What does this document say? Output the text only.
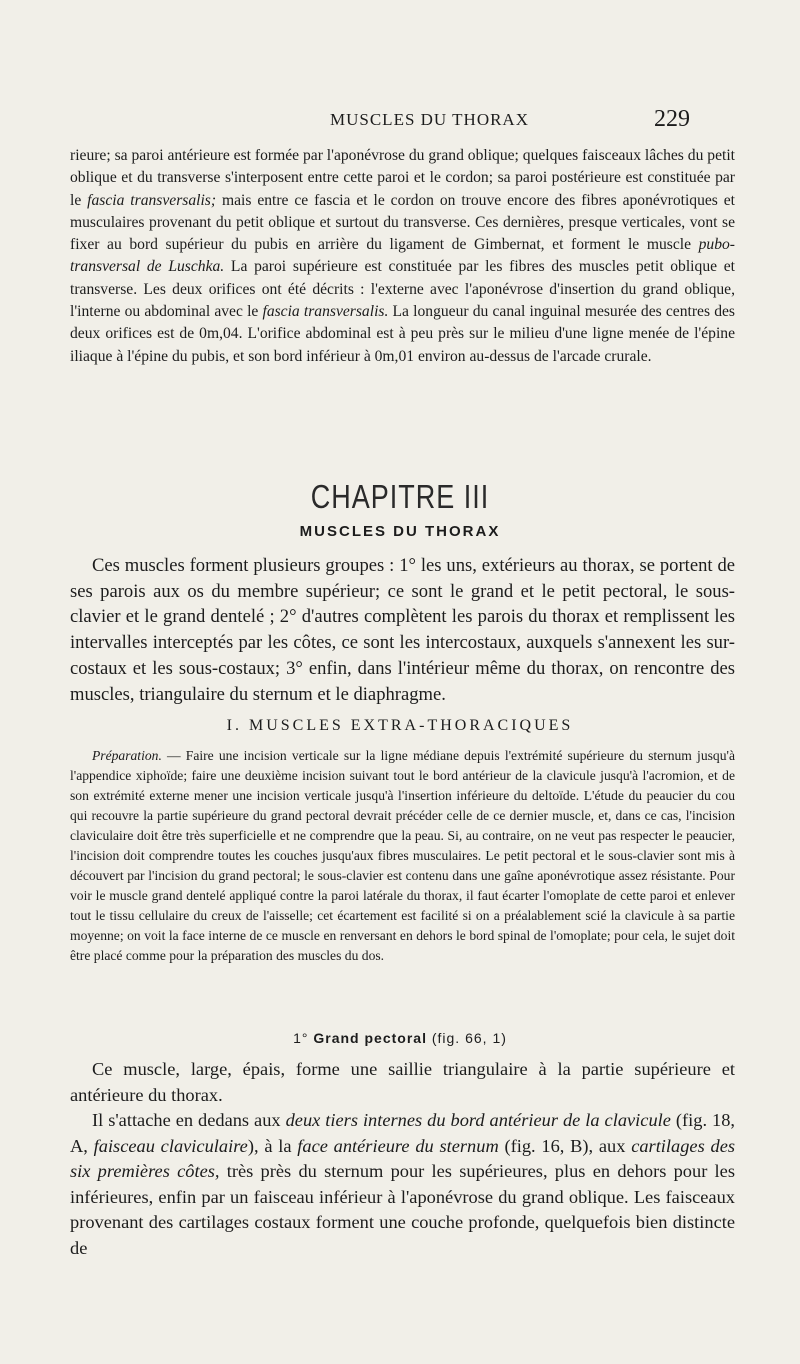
MUSCLES DU THORAX	229

rieure; sa paroi antérieure est formée par l'aponévrose du grand oblique; quelques faisceaux lâches du petit oblique et du transverse s'interposent entre cette paroi et le cordon; sa paroi postérieure est constituée par le fascia transversalis; mais entre ce fascia et le cordon on trouve encore des fibres aponévrotiques et musculaires provenant du petit oblique et surtout du transverse. Ces dernières, presque verticales, vont se fixer au bord supérieur du pubis en arrière du ligament de Gimbernat, et forment le muscle pubo-transversal de Luschka. La paroi supérieure est constituée par les fibres des muscles petit oblique et transverse. Les deux orifices ont été décrits : l'externe avec l'aponévrose d'insertion du grand oblique, l'interne ou abdominal avec le fascia transversalis. La longueur du canal inguinal mesurée des centres des deux orifices est de 0m,04. L'orifice abdominal est à peu près sur le milieu d'une ligne menée de l'épine iliaque à l'épine du pubis, et son bord inférieur à 0m,01 environ au-dessus de l'arcade crurale.

CHAPITRE III
MUSCLES DU THORAX

Ces muscles forment plusieurs groupes : 1° les uns, extérieurs au thorax, se portent de ses parois aux os du membre supérieur; ce sont le grand et le petit pectoral, le sous-clavier et le grand dentelé ; 2° d'autres complètent les parois du thorax et remplissent les intervalles interceptés par les côtes, ce sont les intercostaux, auxquels s'annexent les sur-costaux et les sous-costaux; 3° enfin, dans l'intérieur même du thorax, on rencontre des muscles, triangulaire du sternum et le diaphragme.

I. MUSCLES EXTRA-THORACIQUES

Préparation. — Faire une incision verticale sur la ligne médiane depuis l'extrémité supérieure du sternum jusqu'à l'appendice xiphoïde; faire une deuxième incision suivant tout le bord antérieur de la clavicule jusqu'à l'acromion, et de son extrémité externe mener une incision verticale jusqu'à l'insertion inférieure du deltoïde. L'étude du peaucier du cou qui recouvre la partie supérieure du grand pectoral devrait précéder celle de ce dernier muscle, et, dans ce cas, l'incision claviculaire doit être très superficielle et ne comprendre que la peau. Si, au contraire, on ne veut pas respecter le peaucier, l'incision doit comprendre toutes les couches jusqu'aux fibres musculaires. Le petit pectoral et le sous-clavier sont mis à découvert par l'incision du grand pectoral; le sous-clavier est contenu dans une gaîne aponévrotique assez résistante. Pour voir le muscle grand dentelé appliqué contre la paroi latérale du thorax, il faut écarter l'omoplate de cette paroi et enlever tout le tissu cellulaire du creux de l'aisselle; cet écartement est facilité si on a préalablement scié la clavicule à sa partie moyenne; on voit la face interne de ce muscle en renversant en dehors le bord spinal de l'omoplate; pour cela, le sujet doit être placé comme pour la préparation des muscles du dos.

1° Grand pectoral (fig. 66, 1)

Ce muscle, large, épais, forme une saillie triangulaire à la partie supérieure et antérieure du thorax.

Il s'attache en dedans aux deux tiers internes du bord antérieur de la clavicule (fig. 18, A, faisceau claviculaire), à la face antérieure du sternum (fig. 16, B), aux cartilages des six premières côtes, très près du sternum pour les supérieures, plus en dehors pour les inférieures, enfin par un faisceau inférieur à l'aponévrose du grand oblique. Les faisceaux provenant des cartilages costaux forment une couche profonde, quelquefois bien distincte de
